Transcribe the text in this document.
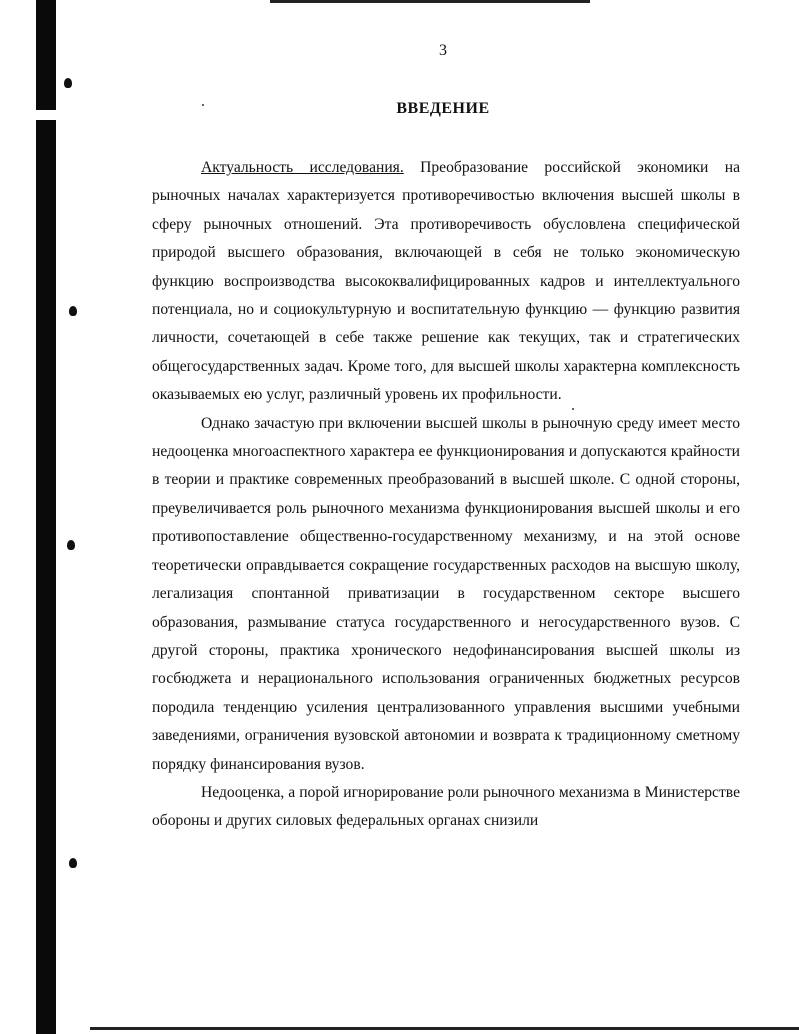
3
ВВЕДЕНИЕ

Актуальность исследования. Преобразование российской экономики на рыночных началах характеризуется противоречивостью включения высшей школы в сферу рыночных отношений. Эта противоречивость обусловлена специфической природой высшего образования, включающей в себя не только экономическую функцию воспроизводства высококвалифицированных кадров и интеллектуального потенциала, но и социокультурную и воспитательную функцию — функцию развития личности, сочетающей в себе также решение как текущих, так и стратегических общегосударственных задач. Кроме того, для высшей школы характерна комплексность оказываемых ею услуг, различный уровень их профильности.

Однако зачастую при включении высшей школы в рыночную среду имеет место недооценка многоаспектного характера ее функционирования и допускаются крайности в теории и практике современных преобразований в высшей школе. С одной стороны, преувеличивается роль рыночного механизма функционирования высшей школы и его противопоставление общественно-государственному механизму, и на этой основе теоретически оправдывается сокращение государственных расходов на высшую школу, легализация спонтанной приватизации в государственном секторе высшего образования, размывание статуса государственного и негосударственного вузов. С другой стороны, практика хронического недофинансирования высшей школы из госбюджета и нерационального использования ограниченных бюджетных ресурсов породила тенденцию усиления централизованного управления высшими учебными заведениями, ограничения вузовской автономии и возврата к традиционному сметному порядку финансирования вузов.

Недооценка, а порой игнорирование роли рыночного механизма в Министерстве обороны и других силовых федеральных органах снизили
